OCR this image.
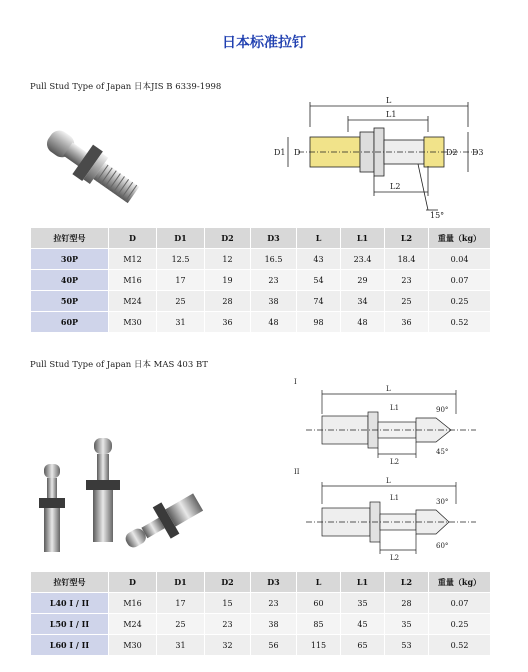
日本标准拉钉
Pull Stud Type of Japan 日本JIS B 6339-1998
L
L1
L2
D1 D	D2 D3
15°
拉钉型号	D	D1	D2	D3	L	L1	L2	重量（kg）
30P	M12	12.5	12	16.5	43	23.4	18.4	0.04
40P	M16	17	19	23	54	29	23	0.07
50P	M24	25	28	38	74	34	25	0.25
60P	M30	31	36	48	98	48	36	0.52
Pull Stud Type of Japan 日本 MAS 403 BT
I
L
L1
L2
90°
45°
II
L
L1
L2
30°
60°
拉钉型号	D	D1	D2	D3	L	L1	L2	重量（kg）
L40 I / II	M16	17	15	23	60	35	28	0.07
L50 I / II	M24	25	23	38	85	45	35	0.25
L60 I / II	M30	31	32	56	115	65	53	0.52
